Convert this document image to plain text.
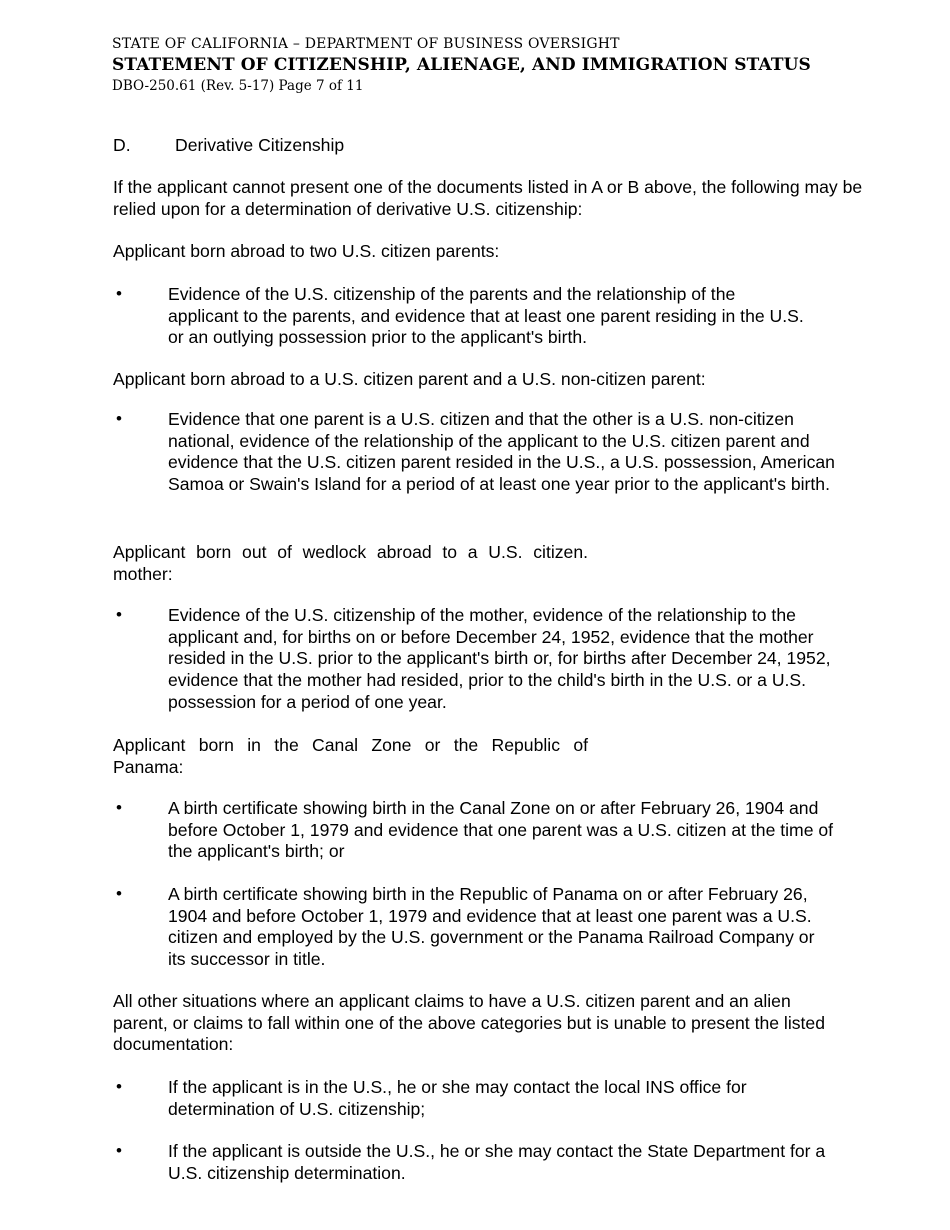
STATE OF CALIFORNIA – DEPARTMENT OF BUSINESS OVERSIGHT
STATEMENT OF CITIZENSHIP, ALIENAGE, AND IMMIGRATION STATUS
DBO-250.61 (Rev. 5-17) Page 7 of 11
D.	Derivative Citizenship
If the applicant cannot present one of the documents listed in A or B above, the following may be relied upon for a determination of derivative U.S. citizenship:
Applicant born abroad to two U.S. citizen parents:
•	Evidence of the U.S. citizenship of the parents and the relationship of the applicant to the parents, and evidence that at least one parent residing in the U.S. or an outlying possession prior to the applicant's birth.
Applicant born abroad to a U.S. citizen parent and a U.S. non-citizen parent:
•	Evidence that one parent is a U.S. citizen and that the other is a U.S. non-citizen national, evidence of the relationship of the applicant to the U.S. citizen parent and evidence that the U.S. citizen parent resided in the U.S., a U.S. possession, American Samoa or Swain's Island for a period of at least one year prior to the applicant's birth.
Applicant born out of wedlock abroad to a U.S. citizen. mother:
•	Evidence of the U.S. citizenship of the mother, evidence of the relationship to the applicant and, for births on or before December 24, 1952, evidence that the mother resided in the U.S. prior to the applicant's birth or, for births after December 24, 1952, evidence that the mother had resided, prior to the child's birth in the U.S. or a U.S. possession for a period of one year.
Applicant born in the Canal Zone or the Republic of Panama:
•	A birth certificate showing birth in the Canal Zone on or after February 26, 1904 and before October 1, 1979 and evidence that one parent was a U.S. citizen at the time of the applicant's birth; or
•	A birth certificate showing birth in the Republic of Panama on or after February 26, 1904 and before October 1, 1979 and evidence that at least one parent was a U.S. citizen and employed by the U.S. government or the Panama Railroad Company or its successor in title.
All other situations where an applicant claims to have a U.S. citizen parent and an alien parent, or claims to fall within one of the above categories but is unable to present the listed documentation:
•	If the applicant is in the U.S., he or she may contact the local INS office for determination of U.S. citizenship;
•	If the applicant is outside the U.S., he or she may contact the State Department for a U.S. citizenship determination.
